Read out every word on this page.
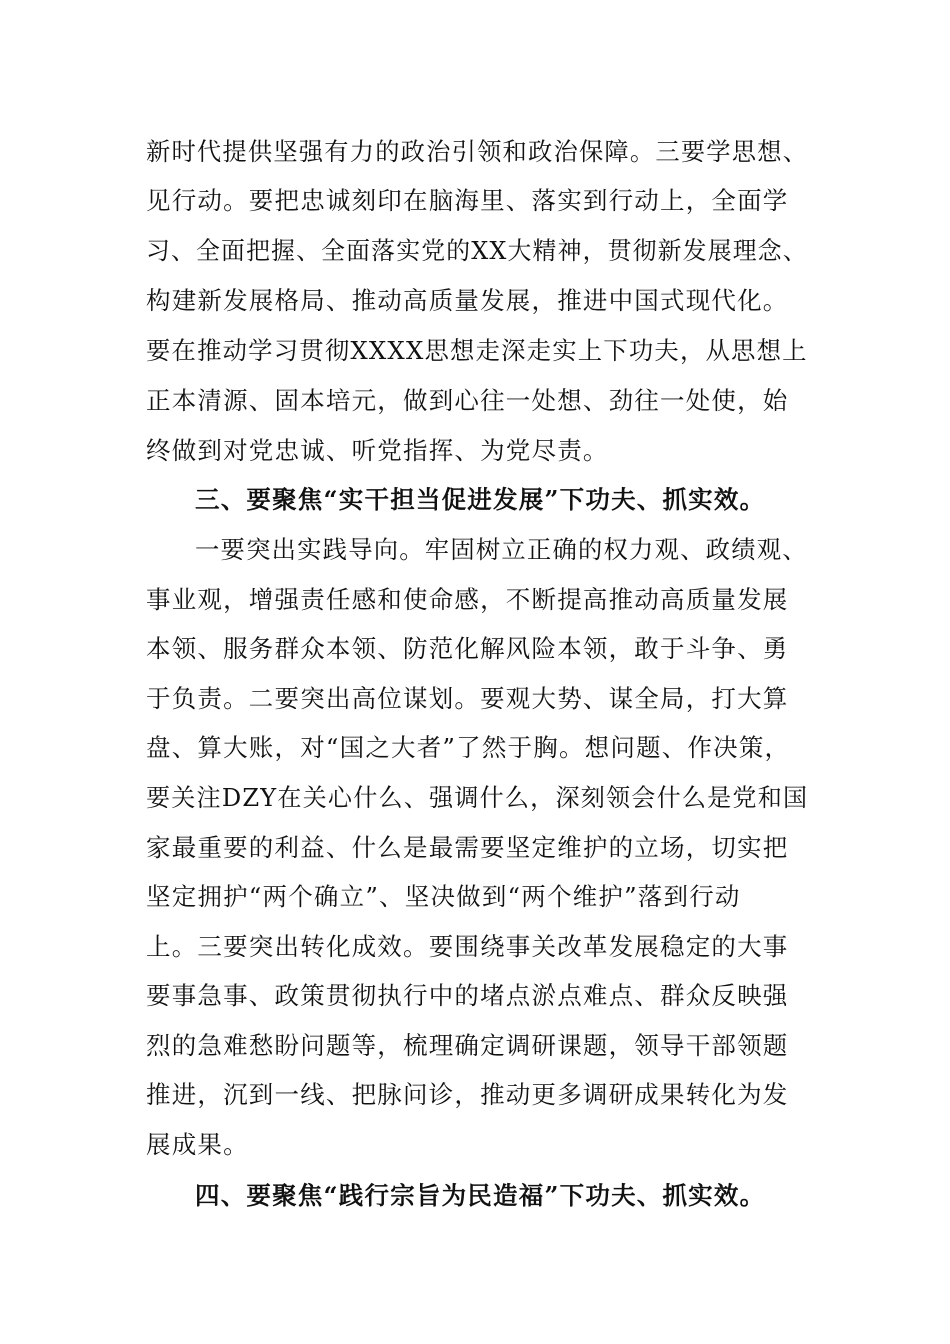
新时代提供坚强有力的政治引领和政治保障。三要学思想、
见行动。要把忠诚刻印在脑海里、落实到行动上，全面学
习、全面把握、全面落实党的XX大精神，贯彻新发展理念、
构建新发展格局、推动高质量发展，推进中国式现代化。
要在推动学习贯彻XXXX思想走深走实上下功夫，从思想上
正本清源、固本培元，做到心往一处想、劲往一处使，始
终做到对党忠诚、听党指挥、为党尽责。
三、要聚焦“实干担当促进发展”下功夫、抓实效。
一要突出实践导向。牢固树立正确的权力观、政绩观、
事业观，增强责任感和使命感，不断提高推动高质量发展
本领、服务群众本领、防范化解风险本领，敢于斗争、勇
于负责。二要突出高位谋划。要观大势、谋全局，打大算
盘、算大账，对“国之大者”了然于胸。想问题、作决策，
要关注DZY在关心什么、强调什么，深刻领会什么是党和国
家最重要的利益、什么是最需要坚定维护的立场，切实把
坚定拥护“两个确立”、坚决做到“两个维护”落到行动
上。三要突出转化成效。要围绕事关改革发展稳定的大事
要事急事、政策贯彻执行中的堵点淤点难点、群众反映强
烈的急难愁盼问题等，梳理确定调研课题，领导干部领题
推进，沉到一线、把脉问诊，推动更多调研成果转化为发
展成果。
四、要聚焦“践行宗旨为民造福”下功夫、抓实效。
